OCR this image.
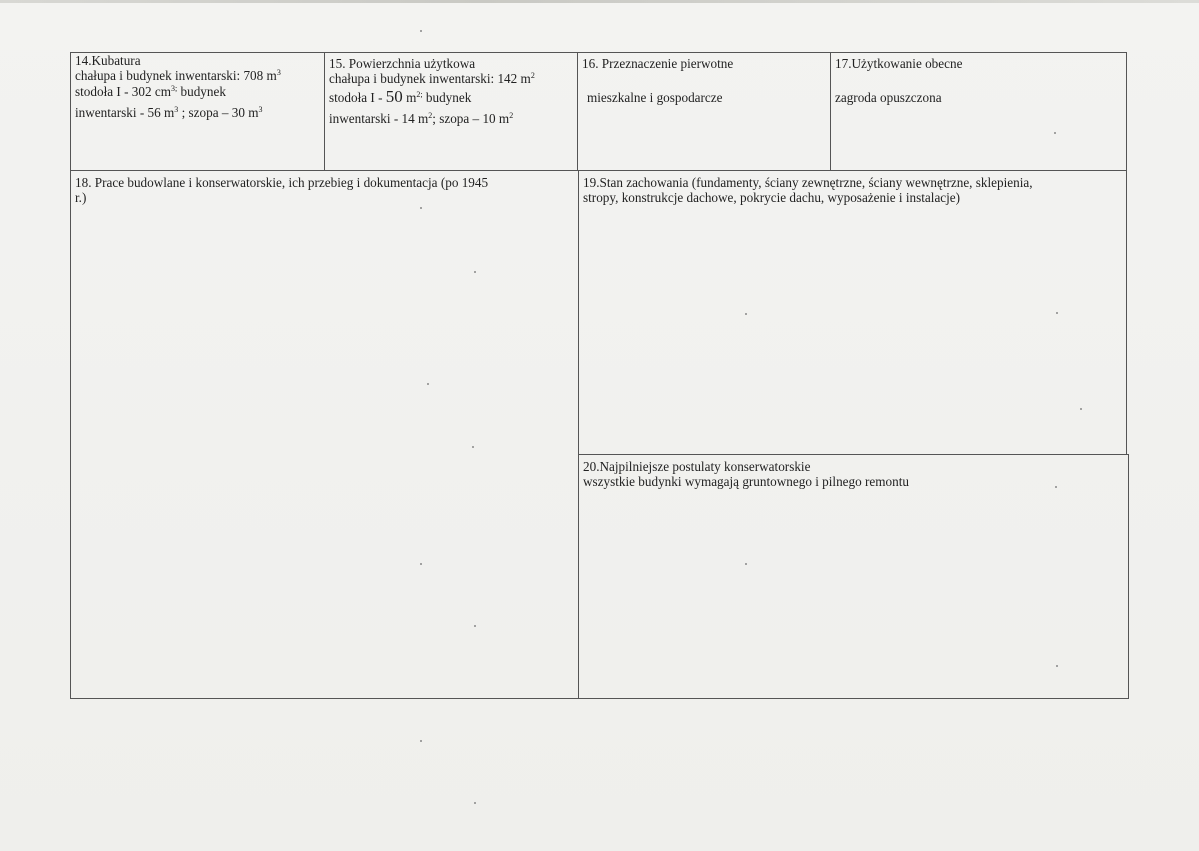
14.Kubatura

chałupa i budynek inwentarski: 708 $m^3$

stodoła I - 302 $cm^{3;}$ budynek

inwentarski - 56 $m^3$ ; szopa – 30 $m^3$

15. Powierzchnia użytkowa

chałupa i budynek inwentarski: 142 $m^2$

stodoła I - 50 $m^{2;}$ budynek

inwentarski - 14 $m^2$; szopa – 10 $m^2$

16. Przeznaczenie pierwotne

mieszkalne i gospodarcze

17.Użytkowanie obecne

zagroda opuszczona

18. Prace budowlane i konserwatorskie, ich przebieg i dokumentacja (po 1945

r.)

19.Stan zachowania (fundamenty, ściany zewnętrzne, ściany wewnętrzne, sklepienia,

stropy, konstrukcje dachowe, pokrycie dachu, wyposażenie i instalacje)

20.Najpilniejsze postulaty konserwatorskie

wszystkie budynki wymagają gruntownego i pilnego remontu
